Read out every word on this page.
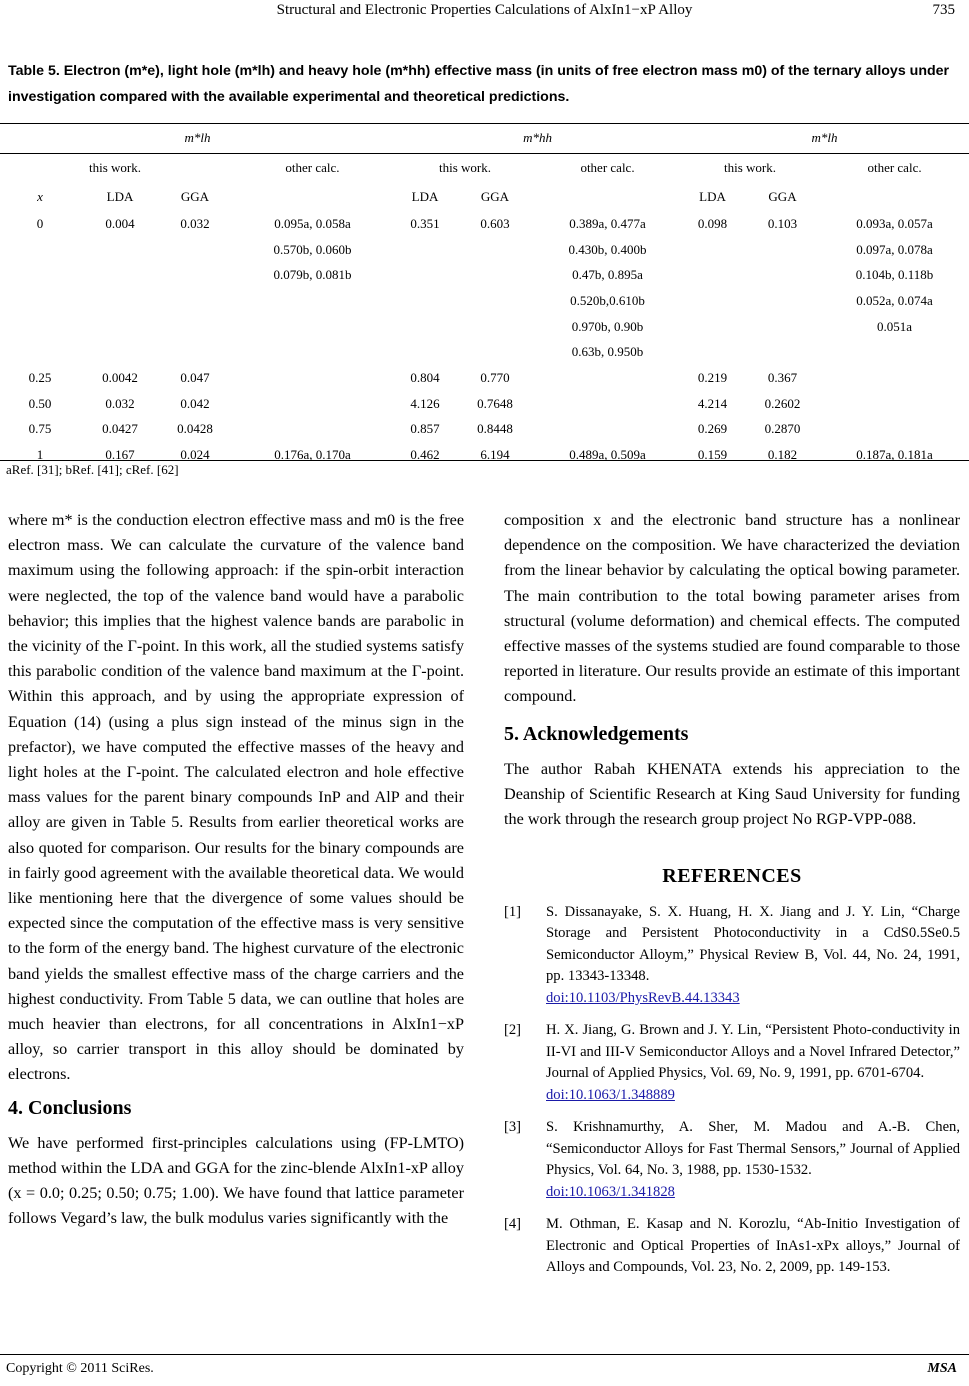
Structural and Electronic Properties Calculations of AlxIn1−xP Alloy	735
Table 5. Electron (m*e), light hole (m*lh) and heavy hole (m*hh) effective mass (in units of free electron mass m0) of the ternary alloys under investigation compared with the available experimental and theoretical predictions.
m*lh				m*hh			m*lh		
this work.			other calc.	this work.		other calc.	this work.		other calc.
x	LDA	GGA		LDA	GGA		LDA	GGA	
0	0.004	0.032	0.095a, 0.058a	0.351	0.603	0.389a, 0.477a	0.098	0.103	0.093a, 0.057a
			0.570b, 0.060b			0.430b, 0.400b			0.097a, 0.078a
			0.079b, 0.081b			0.47b, 0.895a			0.104b, 0.118b
						0.520b,0.610b			0.052a, 0.074a
						0.970b, 0.90b			0.051a
						0.63b, 0.950b			
0.25	0.0042	0.047		0.804	0.770		0.219	0.367	
0.50	0.032	0.042		4.126	0.7648		4.214	0.2602	
0.75	0.0427	0.0428		0.857	0.8448		0.269	0.2870	
1	0.167	0.024	0.176a, 0.170a	0.462	6.194	0.489a, 0.509a	0.159	0.182	0.187a, 0.181a
aRef. [31]; bRef. [41]; cRef. [62]

where m* is the conduction electron effective mass and m0 is the free electron mass. We can calculate the curvature of the valence band maximum using the following approach: if the spin-orbit interaction were neglected, the top of the valence band would have a parabolic behavior; this implies that the highest valence bands are parabolic in the vicinity of the Γ-point. In this work, all the studied systems satisfy this parabolic condition of the valence band maximum at the Γ-point. Within this approach, and by using the appropriate expression of Equation (14) (using a plus sign instead of the minus sign in the prefactor), we have computed the effective masses of the heavy and light holes at the Γ-point. The calculated electron and hole effective mass values for the parent binary compounds InP and AlP and their alloy are given in Table 5. Results from earlier theoretical works are also quoted for comparison. Our results for the binary compounds are in fairly good agreement with the available theoretical data. We would like mentioning here that the divergence of some values should be expected since the computation of the effective mass is very sensitive to the form of the energy band. The highest curvature of the electronic band yields the smallest effective mass of the charge carriers and the highest conductivity. From Table 5 data, we can outline that holes are much heavier than electrons, for all concentrations in AlxIn1−xP alloy, so carrier transport in this alloy should be dominated by electrons.

4. Conclusions

We have performed first-principles calculations using (FP-LMTO) method within the LDA and GGA for the zinc-blende AlxIn1-xP alloy (x = 0.0; 0.25; 0.50; 0.75; 1.00). We have found that lattice parameter follows Vegard’s law, the bulk modulus varies significantly with the

composition x and the electronic band structure has a nonlinear dependence on the composition. We have characterized the deviation from the linear behavior by calculating the optical bowing parameter. The main contribution to the total bowing parameter arises from structural (volume deformation) and chemical effects. The computed effective masses of the systems studied are found comparable to those reported in literature. Our results provide an estimate of this important compound.

5. Acknowledgements

The author Rabah KHENATA extends his appreciation to the Deanship of Scientific Research at King Saud University for funding the work through the research group project No RGP-VPP-088.

REFERENCES
[1]	S. Dissanayake, S. X. Huang, H. X. Jiang and J. Y. Lin, “Charge Storage and Persistent Photoconductivity in a CdS0.5Se0.5 Semiconductor Alloym,” Physical Review B, Vol. 44, No. 24, 1991, pp. 13343-13348.
doi:10.1103/PhysRevB.44.13343
[2]	H. X. Jiang, G. Brown and J. Y. Lin, “Persistent Photo-conductivity in II-VI and III-V Semiconductor Alloys and a Novel Infrared Detector,” Journal of Applied Physics, Vol. 69, No. 9, 1991, pp. 6701-6704.
doi:10.1063/1.348889
[3]	S. Krishnamurthy, A. Sher, M. Madou and A.-B. Chen, “Semiconductor Alloys for Fast Thermal Sensors,” Journal of Applied Physics, Vol. 64, No. 3, 1988, pp. 1530-1532.
doi:10.1063/1.341828
[4]	M. Othman, E. Kasap and N. Korozlu, “Ab-Initio Investigation of Electronic and Optical Properties of InAs1-xPx alloys,” Journal of Alloys and Compounds, Vol. 23, No. 2, 2009, pp. 149-153.
Copyright © 2011 SciRes.	MSA
